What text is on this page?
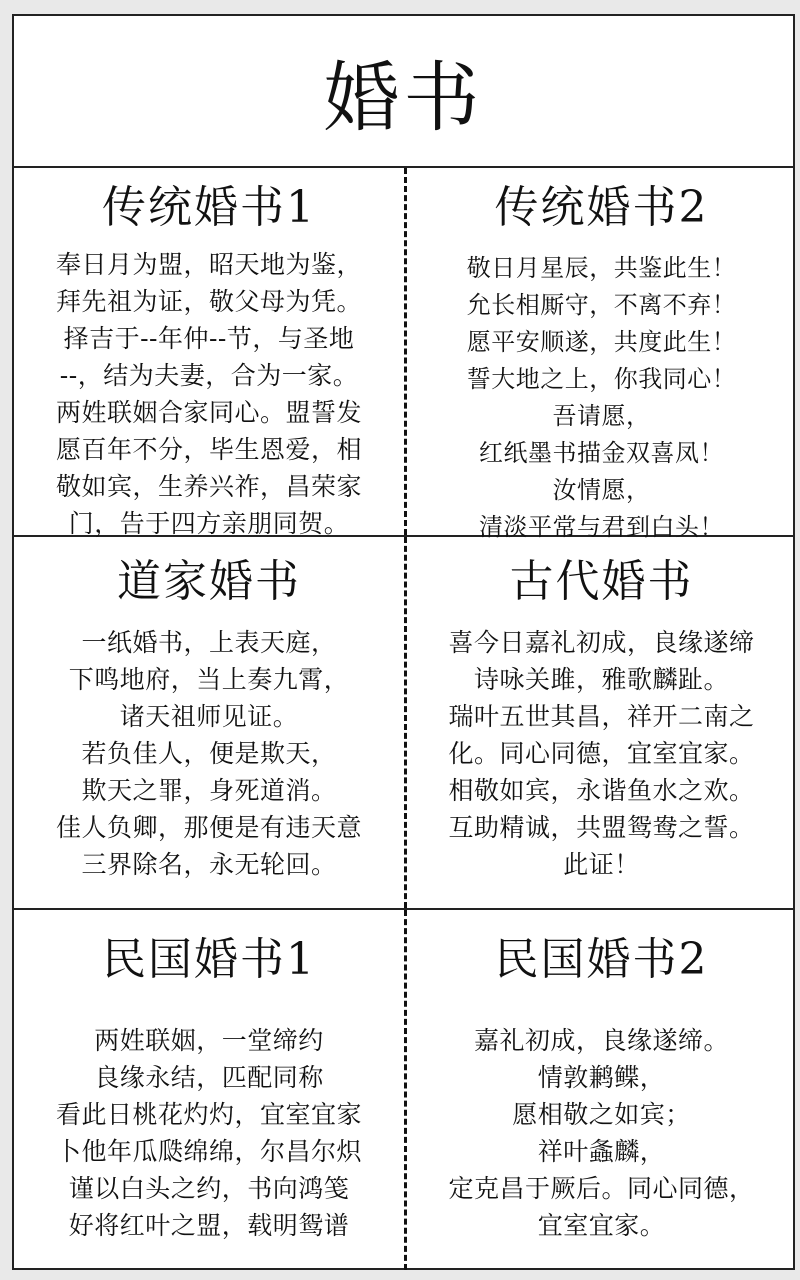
婚书
传统婚书1
奉日月为盟，昭天地为鉴，
拜先祖为证，敬父母为凭。
择吉于--年仲--节，与圣地
--，结为夫妻，合为一家。
两姓联姻合家同心。盟誓发
愿百年不分，毕生恩爱，相
敬如宾，生养兴祚，昌荣家
门，告于四方亲朋同贺。
传统婚书2
敬日月星辰，共鉴此生！
允长相厮守，不离不弃！
愿平安顺遂，共度此生！
誓大地之上，你我同心！
吾请愿，
红纸墨书描金双喜凤！
汝情愿，
清淡平常与君到白头！
道家婚书
一纸婚书，上表天庭，
下鸣地府，当上奏九霄，
诸天祖师见证。
若负佳人，便是欺天，
欺天之罪，身死道消。
佳人负卿，那便是有违天意
三界除名，永无轮回。
古代婚书
喜今日嘉礼初成，良缘遂缔
诗咏关雎，雅歌麟趾。
瑞叶五世其昌，祥开二南之
化。同心同德，宜室宜家。
相敬如宾，永谐鱼水之欢。
互助精诚，共盟鸳鸯之誓。
此证！
民国婚书1
两姓联姻，一堂缔约
良缘永结，匹配同称
看此日桃花灼灼，宜室宜家
卜他年瓜瓞绵绵，尔昌尔炽
谨以白头之约，书向鸿笺
好将红叶之盟，载明鸳谱
民国婚书2
嘉礼初成，良缘遂缔。
情敦鹣鲽，
愿相敬之如宾；
祥叶螽麟，
定克昌于厥后。同心同德，
宜室宜家。
